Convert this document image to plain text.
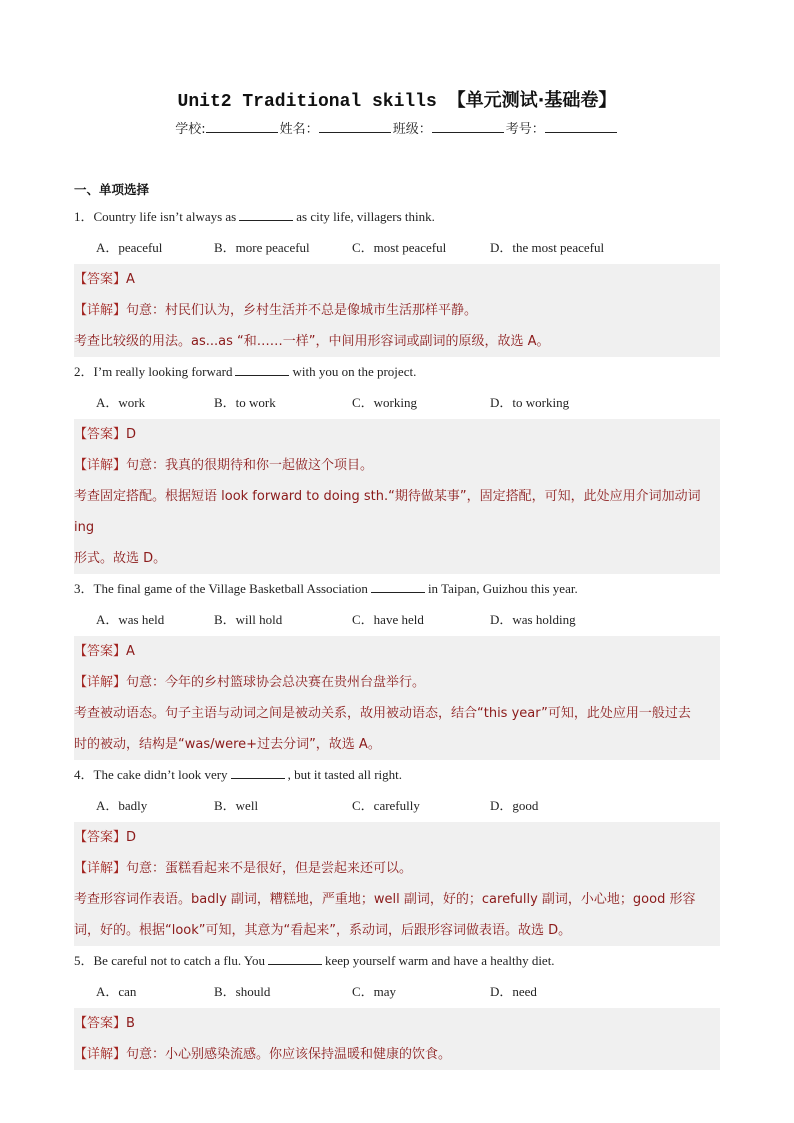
Unit2 Traditional skills 【单元测试·基础卷】
学校:	姓名：	班级：	考号：
一、单项选择
1．Country life isn’t always as	as city life, villagers think.
A．peaceful	B．more peaceful	C．most peaceful	D．the most peaceful
【答案】A
【详解】句意：村民们认为，乡村生活并不总是像城市生活那样平静。
考查比较级的用法。as...as “和……一样”，中间用形容词或副词的原级，故选 A。
2．I’m really looking forward	with you on the project.
A．work	B．to work	C．working	D．to working
【答案】D
【详解】句意：我真的很期待和你一起做这个项目。
考查固定搭配。根据短语 look forward to doing sth.“期待做某事”，固定搭配，可知，此处应用介词加动词 ing
形式。故选 D。
3．The final game of the Village Basketball Association	in Taipan, Guizhou this year.
A．was held	B．will hold	C．have held	D．was holding
【答案】A
【详解】句意：今年的乡村篮球协会总决赛在贵州台盘举行。
考查被动语态。句子主语与动词之间是被动关系，故用被动语态，结合“this year”可知，此处应用一般过去
时的被动，结构是“was/were+过去分词”，故选 A。
4．The cake didn’t look very	, but it tasted all right.
A．badly	B．well	C．carefully	D．good
【答案】D
【详解】句意：蛋糕看起来不是很好，但是尝起来还可以。
考查形容词作表语。badly 副词，糟糕地，严重地；well 副词，好的；carefully 副词，小心地；good 形容
词，好的。根据“look”可知，其意为“看起来”，系动词，后跟形容词做表语。故选 D。
5．Be careful not to catch a flu. You	keep yourself warm and have a healthy diet.
A．can	B．should	C．may	D．need
【答案】B
【详解】句意：小心别感染流感。你应该保持温暖和健康的饮食。
